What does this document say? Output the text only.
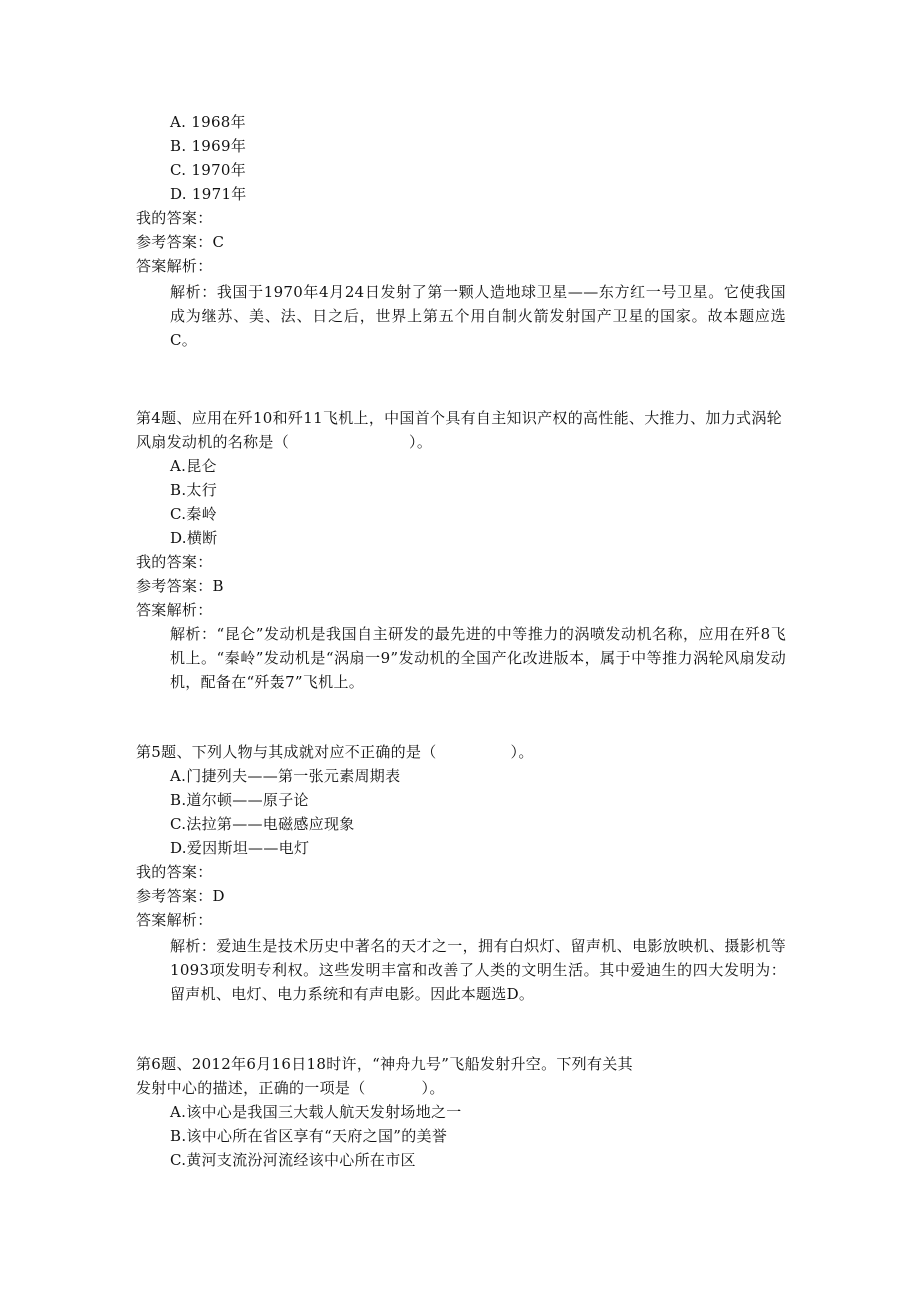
A. 1968年
B. 1969年
C. 1970年
D. 1971年
我的答案：
参考答案：C
答案解析：
解析：我国于1970年4月24日发射了第一颗人造地球卫星——东方红一号卫星。它使我国成为继苏、美、法、日之后，世界上第五个用自制火箭发射国产卫星的国家。故本题应选C。
第4题、应用在歼10和歼11飞机上，中国首个具有自主知识产权的高性能、大推力、加力式涡轮风扇发动机的名称是（	）。
A.昆仑
B.太行
C.秦岭
D.横断
我的答案：
参考答案：B
答案解析：
解析：“昆仑”发动机是我国自主研发的最先进的中等推力的涡喷发动机名称，应用在歼8飞机上。“秦岭”发动机是“涡扇一9”发动机的全国产化改进版本，属于中等推力涡轮风扇发动机，配备在“歼轰7”飞机上。
第5题、下列人物与其成就对应不正确的是（	）。
A.门捷列夫——第一张元素周期表
B.道尔顿——原子论
C.法拉第——电磁感应现象
D.爱因斯坦——电灯
我的答案：
参考答案：D
答案解析：
解析：爱迪生是技术历史中著名的天才之一，拥有白炽灯、留声机、电影放映机、摄影机等1093项发明专利权。这些发明丰富和改善了人类的文明生活。其中爱迪生的四大发明为：留声机、电灯、电力系统和有声电影。因此本题选D。
第6题、2012年6月16日18时许，“神舟九号”飞船发射升空。下列有关其
发射中心的描述，正确的一项是（	）。
A.该中心是我国三大载人航天发射场地之一
B.该中心所在省区享有“天府之国”的美誉
C.黄河支流汾河流经该中心所在市区
